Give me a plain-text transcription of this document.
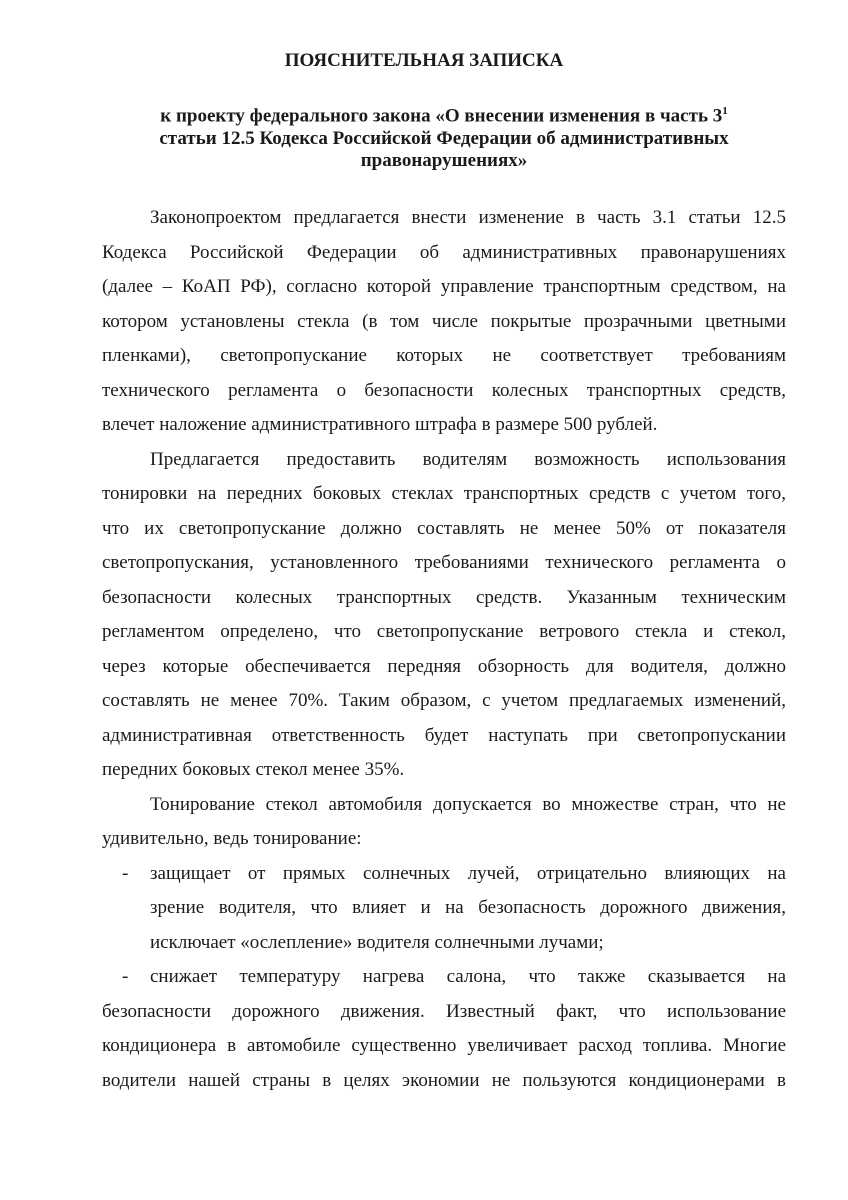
ПОЯСНИТЕЛЬНАЯ ЗАПИСКА
к проекту федерального закона «О внесении изменения в часть $3^1$
статьи 12.5 Кодекса Российской Федерации об административных
правонарушениях»
Законопроектом предлагается внести изменение в часть 3.1 статьи 12.5
Кодекса Российской Федерации об административных правонарушениях
(далее – КоАП РФ), согласно которой управление транспортным средством, на
котором установлены стекла (в том числе покрытые прозрачными цветными
пленками), светопропускание которых не соответствует требованиям
технического регламента о безопасности колесных транспортных средств,
влечет наложение административного штрафа в размере 500 рублей.
Предлагается предоставить водителям возможность использования
тонировки на передних боковых стеклах транспортных средств с учетом того,
что их светопропускание должно составлять не менее 50% от показателя
светопропускания, установленного требованиями технического регламента о
безопасности колесных транспортных средств. Указанным техническим
регламентом определено, что светопропускание ветрового стекла и стекол,
через которые обеспечивается передняя обзорность для водителя, должно
составлять не менее 70%. Таким образом, с учетом предлагаемых изменений,
административная ответственность будет наступать при светопропускании
передних боковых стекол менее 35%.
Тонирование стекол автомобиля допускается во множестве стран, что не
удивительно, ведь тонирование:
- защищает от прямых солнечных лучей, отрицательно влияющих на
зрение водителя, что влияет и на безопасность дорожного движения,
исключает «ослепление» водителя солнечными лучами;
- снижает температуру нагрева салона, что также сказывается на
безопасности дорожного движения. Известный факт, что использование
кондиционера в автомобиле существенно увеличивает расход топлива. Многие
водители нашей страны в целях экономии не пользуются кондиционерами в
